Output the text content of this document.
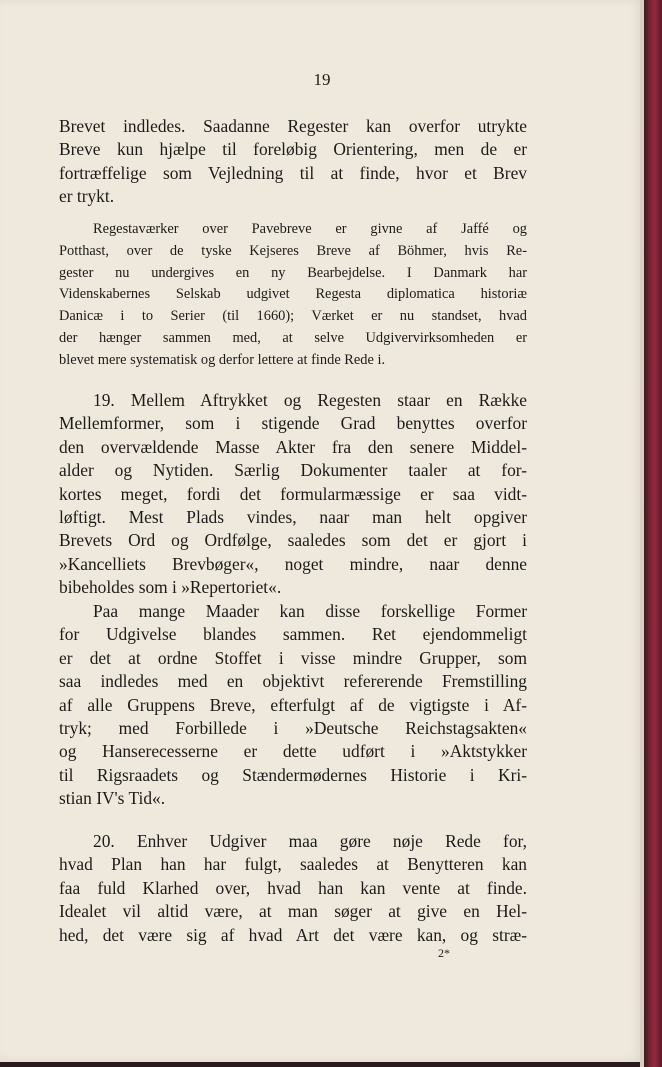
19
Brevet indledes. Saadanne Regester kan overfor utrykte
Breve kun hjælpe til foreløbig Orientering, men de er
fortræffelige som Vejledning til at finde, hvor et Brev
er trykt.
Regestaværker over Pavebreve er givne af Jaffé og
Potthast, over de tyske Kejseres Breve af Böhmer, hvis Re-
gester nu undergives en ny Bearbejdelse. I Danmark har
Videnskabernes Selskab udgivet Regesta diplomatica historiæ
Danicæ i to Serier (til 1660); Værket er nu standset, hvad
der hænger sammen med, at selve Udgivervirksomheden er
blevet mere systematisk og derfor lettere at finde Rede i.
19. Mellem Aftrykket og Regesten staar en Række
Mellemformer, som i stigende Grad benyttes overfor
den overvældende Masse Akter fra den senere Middel-
alder og Nytiden. Særlig Dokumenter taaler at for-
kortes meget, fordi det formularmæssige er saa vidt-
løftigt. Mest Plads vindes, naar man helt opgiver
Brevets Ord og Ordfølge, saaledes som det er gjort i
»Kancelliets Brevbøger«, noget mindre, naar denne
bibeholdes som i »Repertoriet«.
Paa mange Maader kan disse forskellige Former
for Udgivelse blandes sammen. Ret ejendommeligt
er det at ordne Stoffet i visse mindre Grupper, som
saa indledes med en objektivt refererende Fremstilling
af alle Gruppens Breve, efterfulgt af de vigtigste i Af-
tryk; med Forbillede i »Deutsche Reichstagsakten«
og Hanserecesserne er dette udført i »Aktstykker
til Rigsraadets og Stændermødernes Historie i Kri-
stian IV's Tid«.
20. Enhver Udgiver maa gøre nøje Rede for,
hvad Plan han har fulgt, saaledes at Benytteren kan
faa fuld Klarhed over, hvad han kan vente at finde.
Idealet vil altid være, at man søger at give en Hel-
hed, det være sig af hvad Art det være kan, og stræ-
2*
